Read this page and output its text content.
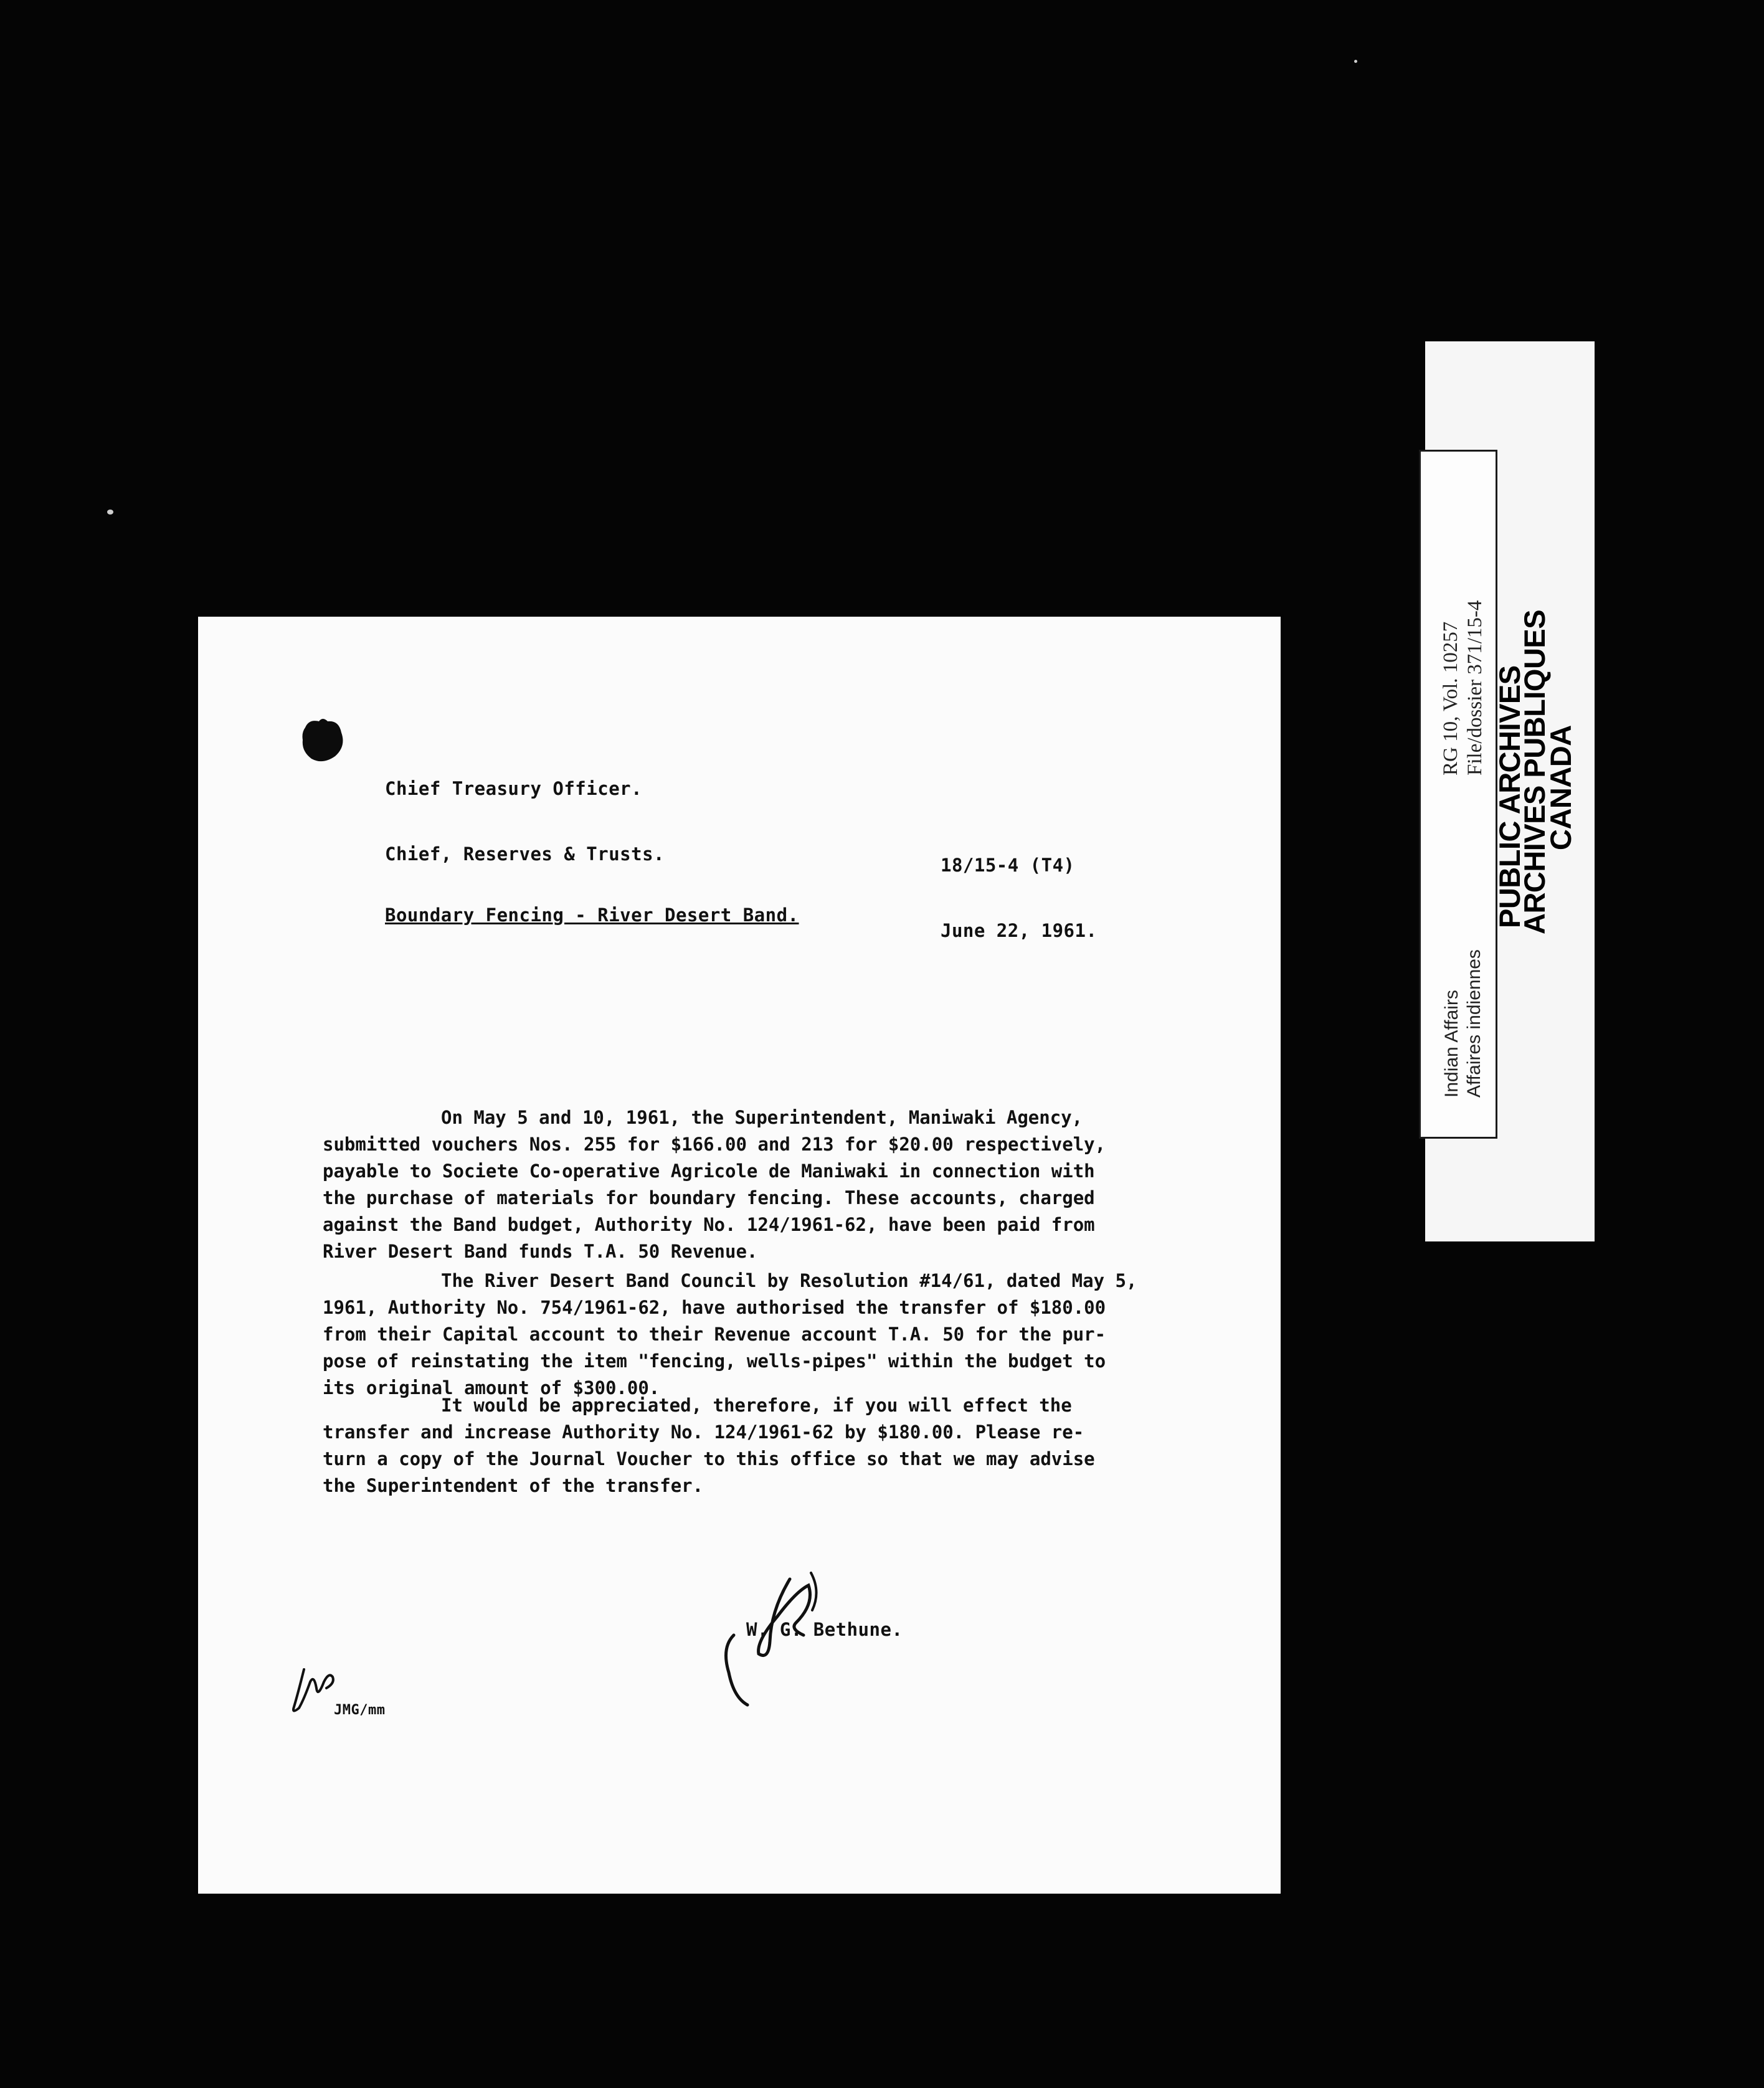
Chief Treasury Officer.
Chief, Reserves & Trusts.
18/15-4 (T4)
Boundary Fencing - River Desert Band.
June 22, 1961.
On May 5 and 10, 1961, the Superintendent, Maniwaki Agency,
submitted vouchers Nos. 255 for $166.00 and 213 for $20.00 respectively,
payable to Societe Co-operative Agricole de Maniwaki in connection with
the purchase of materials for boundary fencing. These accounts, charged
against the Band budget, Authority No. 124/1961-62, have been paid from
River Desert Band funds T.A. 50 Revenue.
The River Desert Band Council by Resolution #14/61, dated May 5,
1961, Authority No. 754/1961-62, have authorised the transfer of $180.00
from their Capital account to their Revenue account T.A. 50 for the pur-
pose of reinstating the item "fencing, wells-pipes" within the budget to
its original amount of $300.00.
It would be appreciated, therefore, if you will effect the
transfer and increase Authority No. 124/1961-62 by $180.00. Please re-
turn a copy of the Journal Voucher to this office so that we may advise
the Superintendent of the transfer.
W. G. Bethune.
JMG/mm
Indian Affairs Affaires indiennes
RG 10, Vol. 10257 File/dossier 371/15-4 PUBLIC ARCHIVES
ARCHIVES PUBLIQUES
CANADA
